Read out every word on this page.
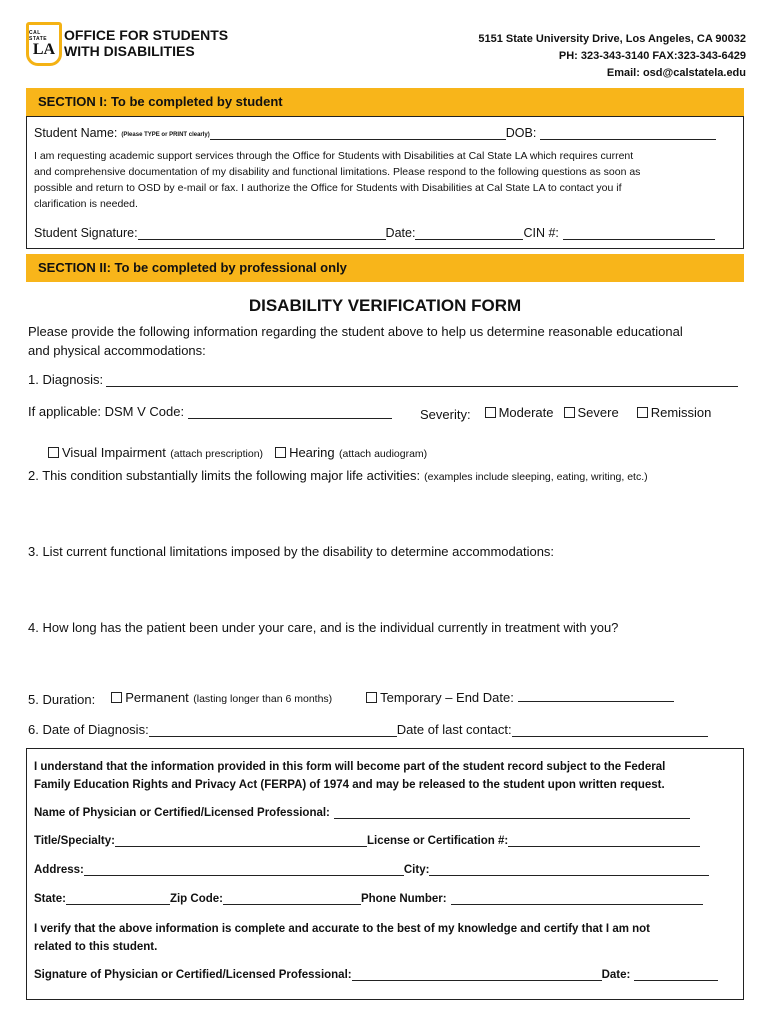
CAL STATE
LA
OFFICE FOR STUDENTS
WITH DISABILITIES
5151 State University Drive, Los Angeles, CA 90032
PH: 323-343-3140 FAX:323-343-6429
Email: osd@calstatela.edu
SECTION I: To be completed by student
Student Name: (Please TYPE or PRINT clearly)	DOB:
I am requesting academic support services through the Office for Students with Disabilities at Cal State LA which requires current
and comprehensive documentation of my disability and functional limitations. Please respond to the following questions as soon as
possible and return to OSD by e-mail or fax. I authorize the Office for Students with Disabilities at Cal State LA to contact you if
clarification is needed.
Student Signature:	Date:	CIN #:
SECTION II: To be completed by professional only
DISABILITY VERIFICATION FORM
Please provide the following information regarding the student above to help us determine reasonable educational
and physical accommodations:
1. Diagnosis:
If applicable: DSM V Code:	Severity:	Moderate	Severe	Remission
Visual Impairment (attach prescription)	Hearing (attach audiogram)
2. This condition substantially limits the following major life activities: (examples include sleeping, eating, writing, etc.)
3. List current functional limitations imposed by the disability to determine accommodations:
4. How long has the patient been under your care, and is the individual currently in treatment with you?
5. Duration:	Permanent (lasting longer than 6 months)	Temporary – End Date:
6. Date of Diagnosis:	Date of last contact:
I understand that the information provided in this form will become part of the student record subject to the Federal
Family Education Rights and Privacy Act (FERPA) of 1974 and may be released to the student upon written request.
Name of Physician or Certified/Licensed Professional:
Title/Specialty:	License or Certification #:
Address:	City:
State:	Zip Code:	Phone Number:
I verify that the above information is complete and accurate to the best of my knowledge and certify that I am not
related to this student.
Signature of Physician or Certified/Licensed Professional:	Date:
